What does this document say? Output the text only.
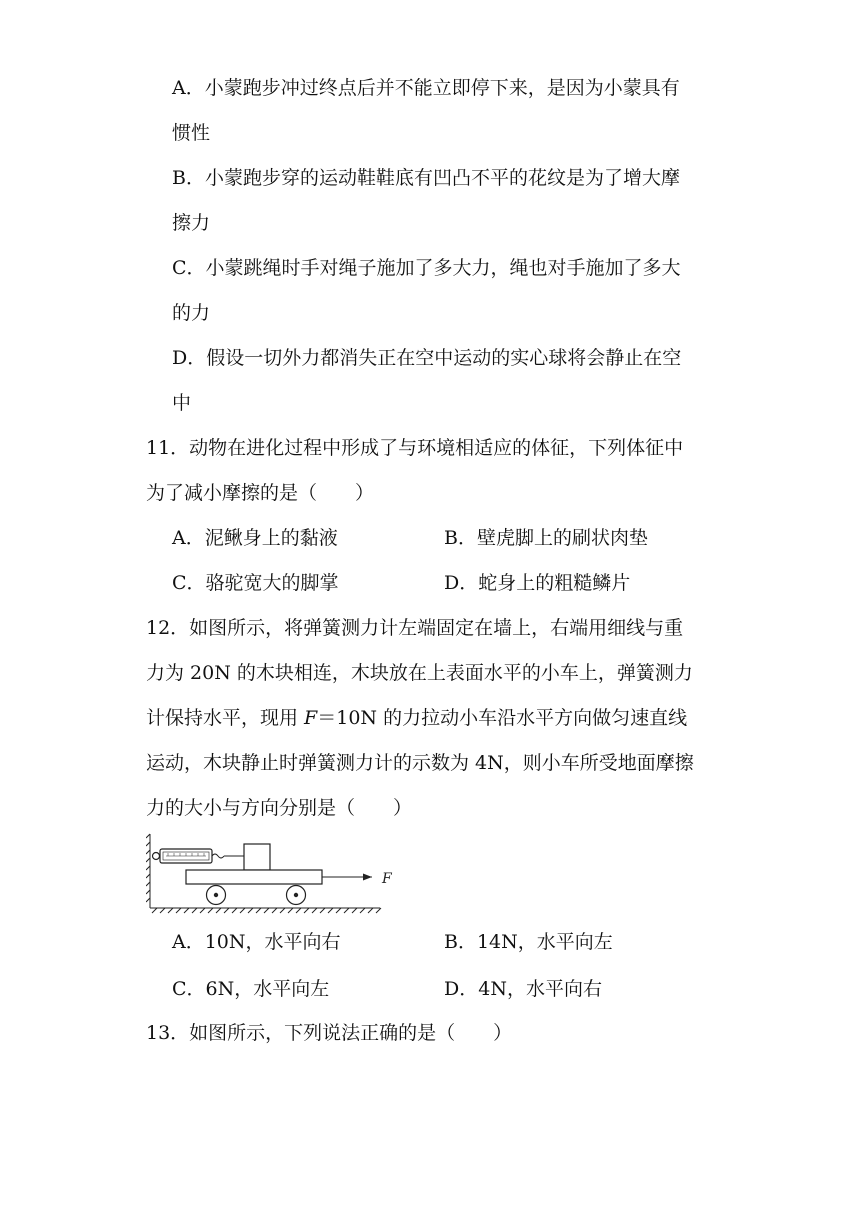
A．小蒙跑步冲过终点后并不能立即停下来，是因为小蒙具有
惯性
B．小蒙跑步穿的运动鞋鞋底有凹凸不平的花纹是为了增大摩
擦力
C．小蒙跳绳时手对绳子施加了多大力，绳也对手施加了多大
的力
D．假设一切外力都消失正在空中运动的实心球将会静止在空
中
11．动物在进化过程中形成了与环境相适应的体征，下列体征中
为了减小摩擦的是（　　）
A．泥鳅身上的黏液	B．壁虎脚上的刷状肉垫
C．骆驼宽大的脚掌	D．蛇身上的粗糙鳞片
12．如图所示，将弹簧测力计左端固定在墙上，右端用细线与重
力为 20N 的木块相连，木块放在上表面水平的小车上，弹簧测力
计保持水平，现用 F＝10N 的力拉动小车沿水平方向做匀速直线
运动，木块静止时弹簧测力计的示数为 4N，则小车所受地面摩擦
力的大小与方向分别是（　　）
F
A．10N，水平向右	B．14N，水平向左
C．6N，水平向左	D．4N，水平向右
13．如图所示，下列说法正确的是（　　）
